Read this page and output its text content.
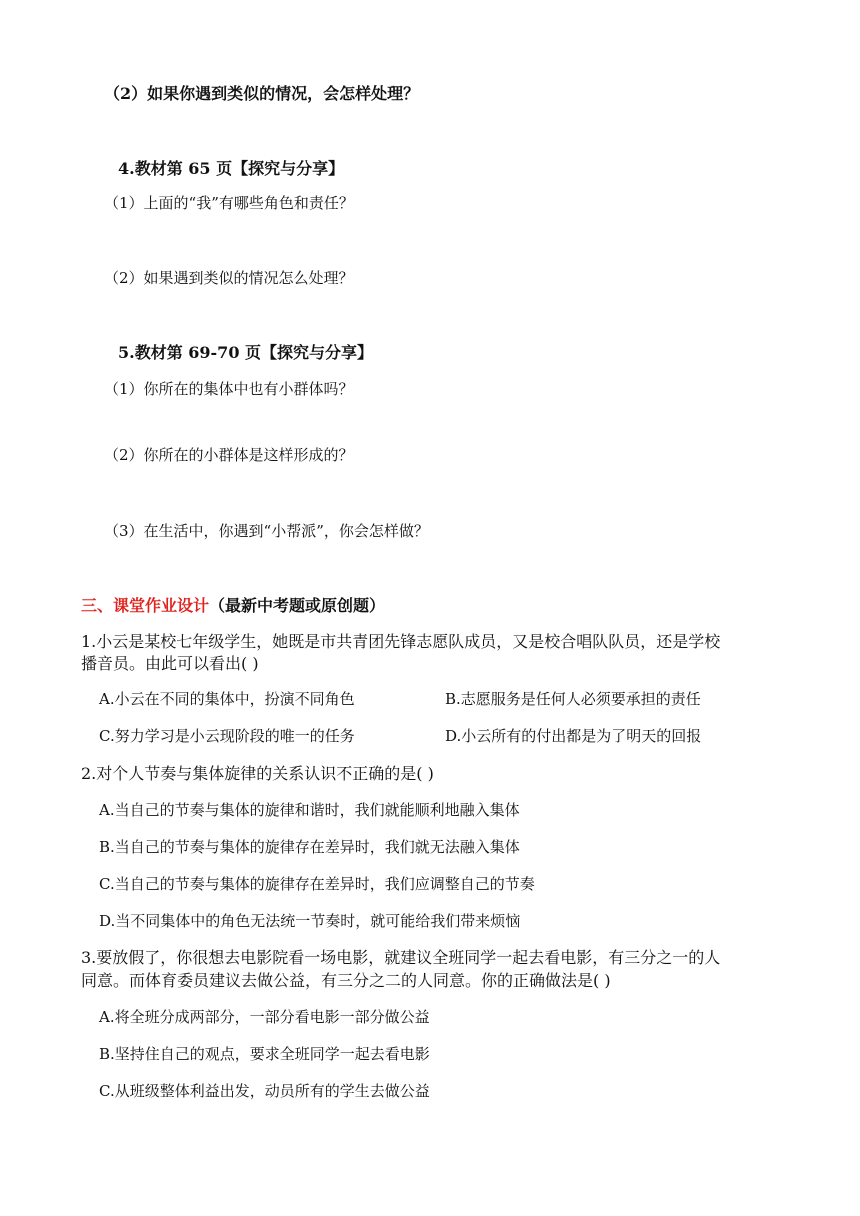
（2）如果你遇到类似的情况，会怎样处理？
4.教材第 65 页【探究与分享】
（1）上面的“我”有哪些角色和责任？
（2）如果遇到类似的情况怎么处理？
5.教材第 69-70 页【探究与分享】
（1）你所在的集体中也有小群体吗？
（2）你所在的小群体是这样形成的？
（3）在生活中，你遇到“小帮派”，你会怎样做？
三、课堂作业设计（最新中考题或原创题）
1.小云是某校七年级学生，她既是市共青团先锋志愿队成员，又是校合唱队队员，还是学校
播音员。由此可以看出( )
A.小云在不同的集体中，扮演不同角色	B.志愿服务是任何人必须要承担的责任
C.努力学习是小云现阶段的唯一的任务	D.小云所有的付出都是为了明天的回报
2.对个人节奏与集体旋律的关系认识不正确的是( )
A.当自己的节奏与集体的旋律和谐时，我们就能顺利地融入集体
B.当自己的节奏与集体的旋律存在差异时，我们就无法融入集体
C.当自己的节奏与集体的旋律存在差异时，我们应调整自己的节奏
D.当不同集体中的角色无法统一节奏时，就可能给我们带来烦恼
3.要放假了，你很想去电影院看一场电影，就建议全班同学一起去看电影，有三分之一的人
同意。而体育委员建议去做公益，有三分之二的人同意。你的正确做法是( )
A.将全班分成两部分，一部分看电影一部分做公益
B.坚持住自己的观点，要求全班同学一起去看电影
C.从班级整体利益出发，动员所有的学生去做公益
